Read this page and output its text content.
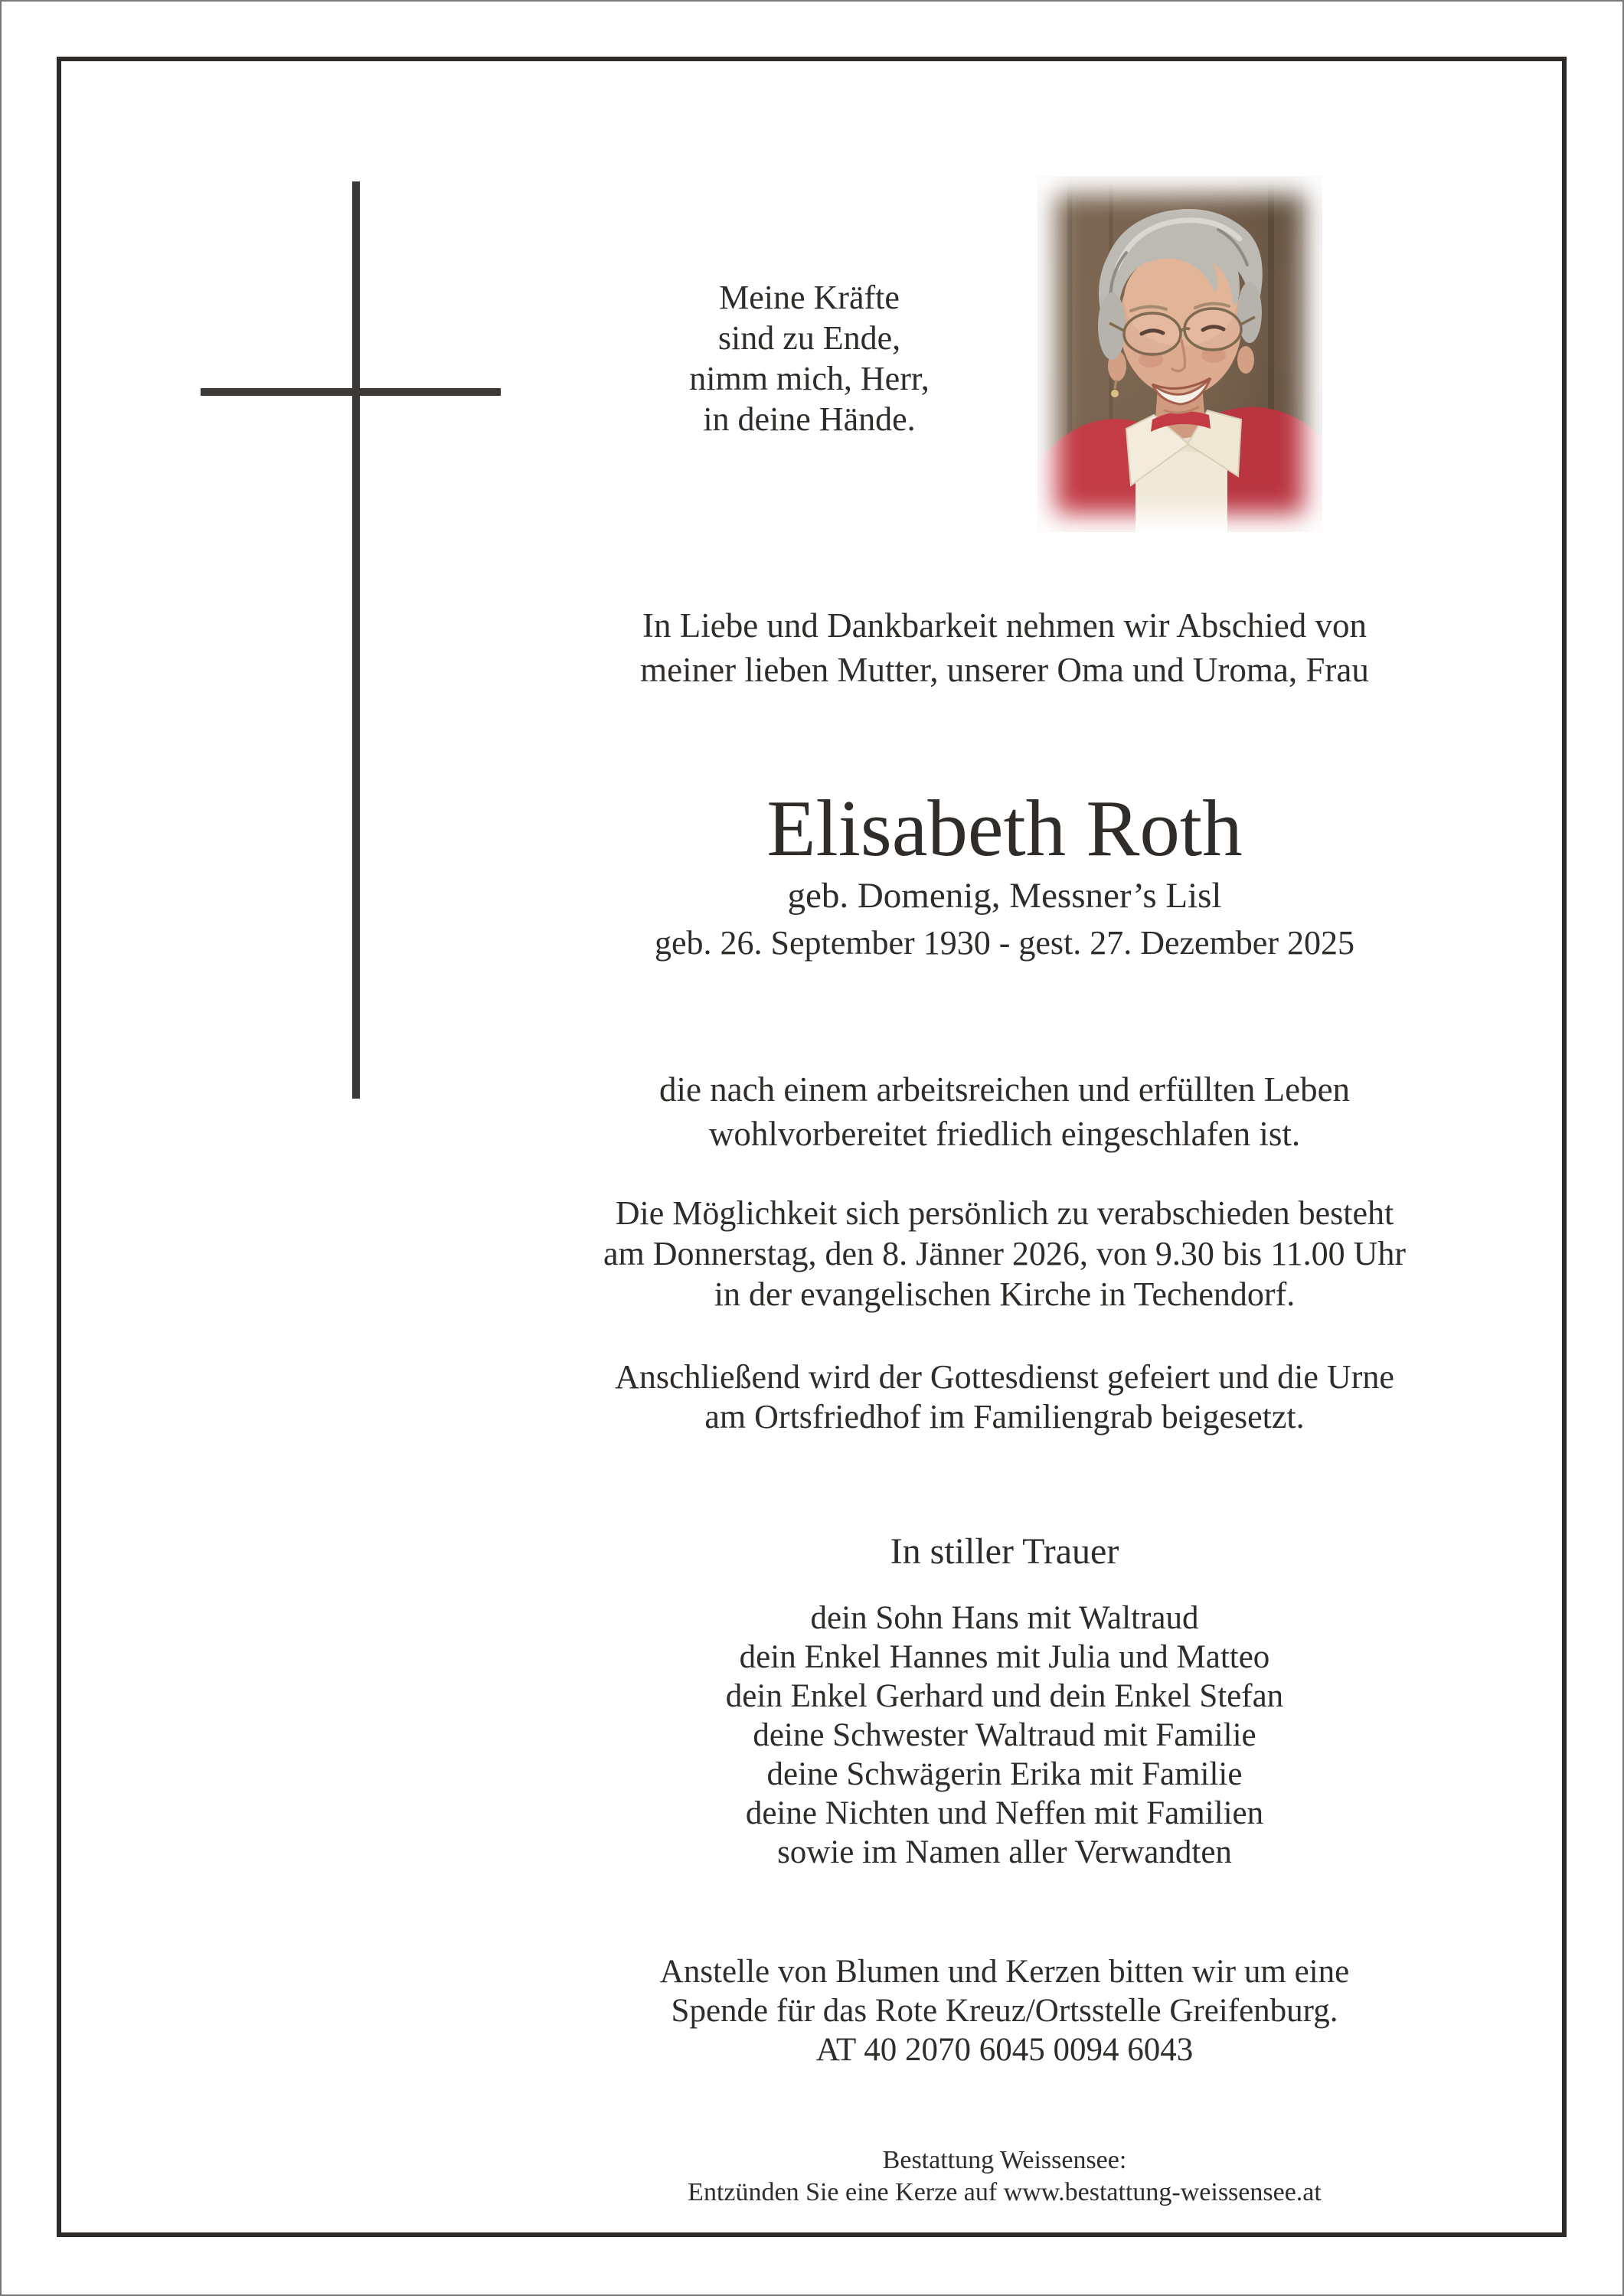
Meine Kräfte
sind zu Ende,
nimm mich, Herr,
in deine Hände.
In Liebe und Dankbarkeit nehmen wir Abschied von
meiner lieben Mutter, unserer Oma und Uroma, Frau
Elisabeth Roth
geb. Domenig, Messner’s Lisl
geb. 26. September 1930 - gest. 27. Dezember 2025
die nach einem arbeitsreichen und erfüllten Leben
wohlvorbereitet friedlich eingeschlafen ist.
Die Möglichkeit sich persönlich zu verabschieden besteht
am Donnerstag, den 8. Jänner 2026, von 9.30 bis 11.00 Uhr
in der evangelischen Kirche in Techendorf.
Anschließend wird der Gottesdienst gefeiert und die Urne
am Ortsfriedhof im Familiengrab beigesetzt.
In stiller Trauer
dein Sohn Hans mit Waltraud
dein Enkel Hannes mit Julia und Matteo
dein Enkel Gerhard und dein Enkel Stefan
deine Schwester Waltraud mit Familie
deine Schwägerin Erika mit Familie
deine Nichten und Neffen mit Familien
sowie im Namen aller Verwandten
Anstelle von Blumen und Kerzen bitten wir um eine
Spende für das Rote Kreuz/Ortsstelle Greifenburg.
AT 40 2070 6045 0094 6043
Bestattung Weissensee:
Entzünden Sie eine Kerze auf www.bestattung-weissensee.at
